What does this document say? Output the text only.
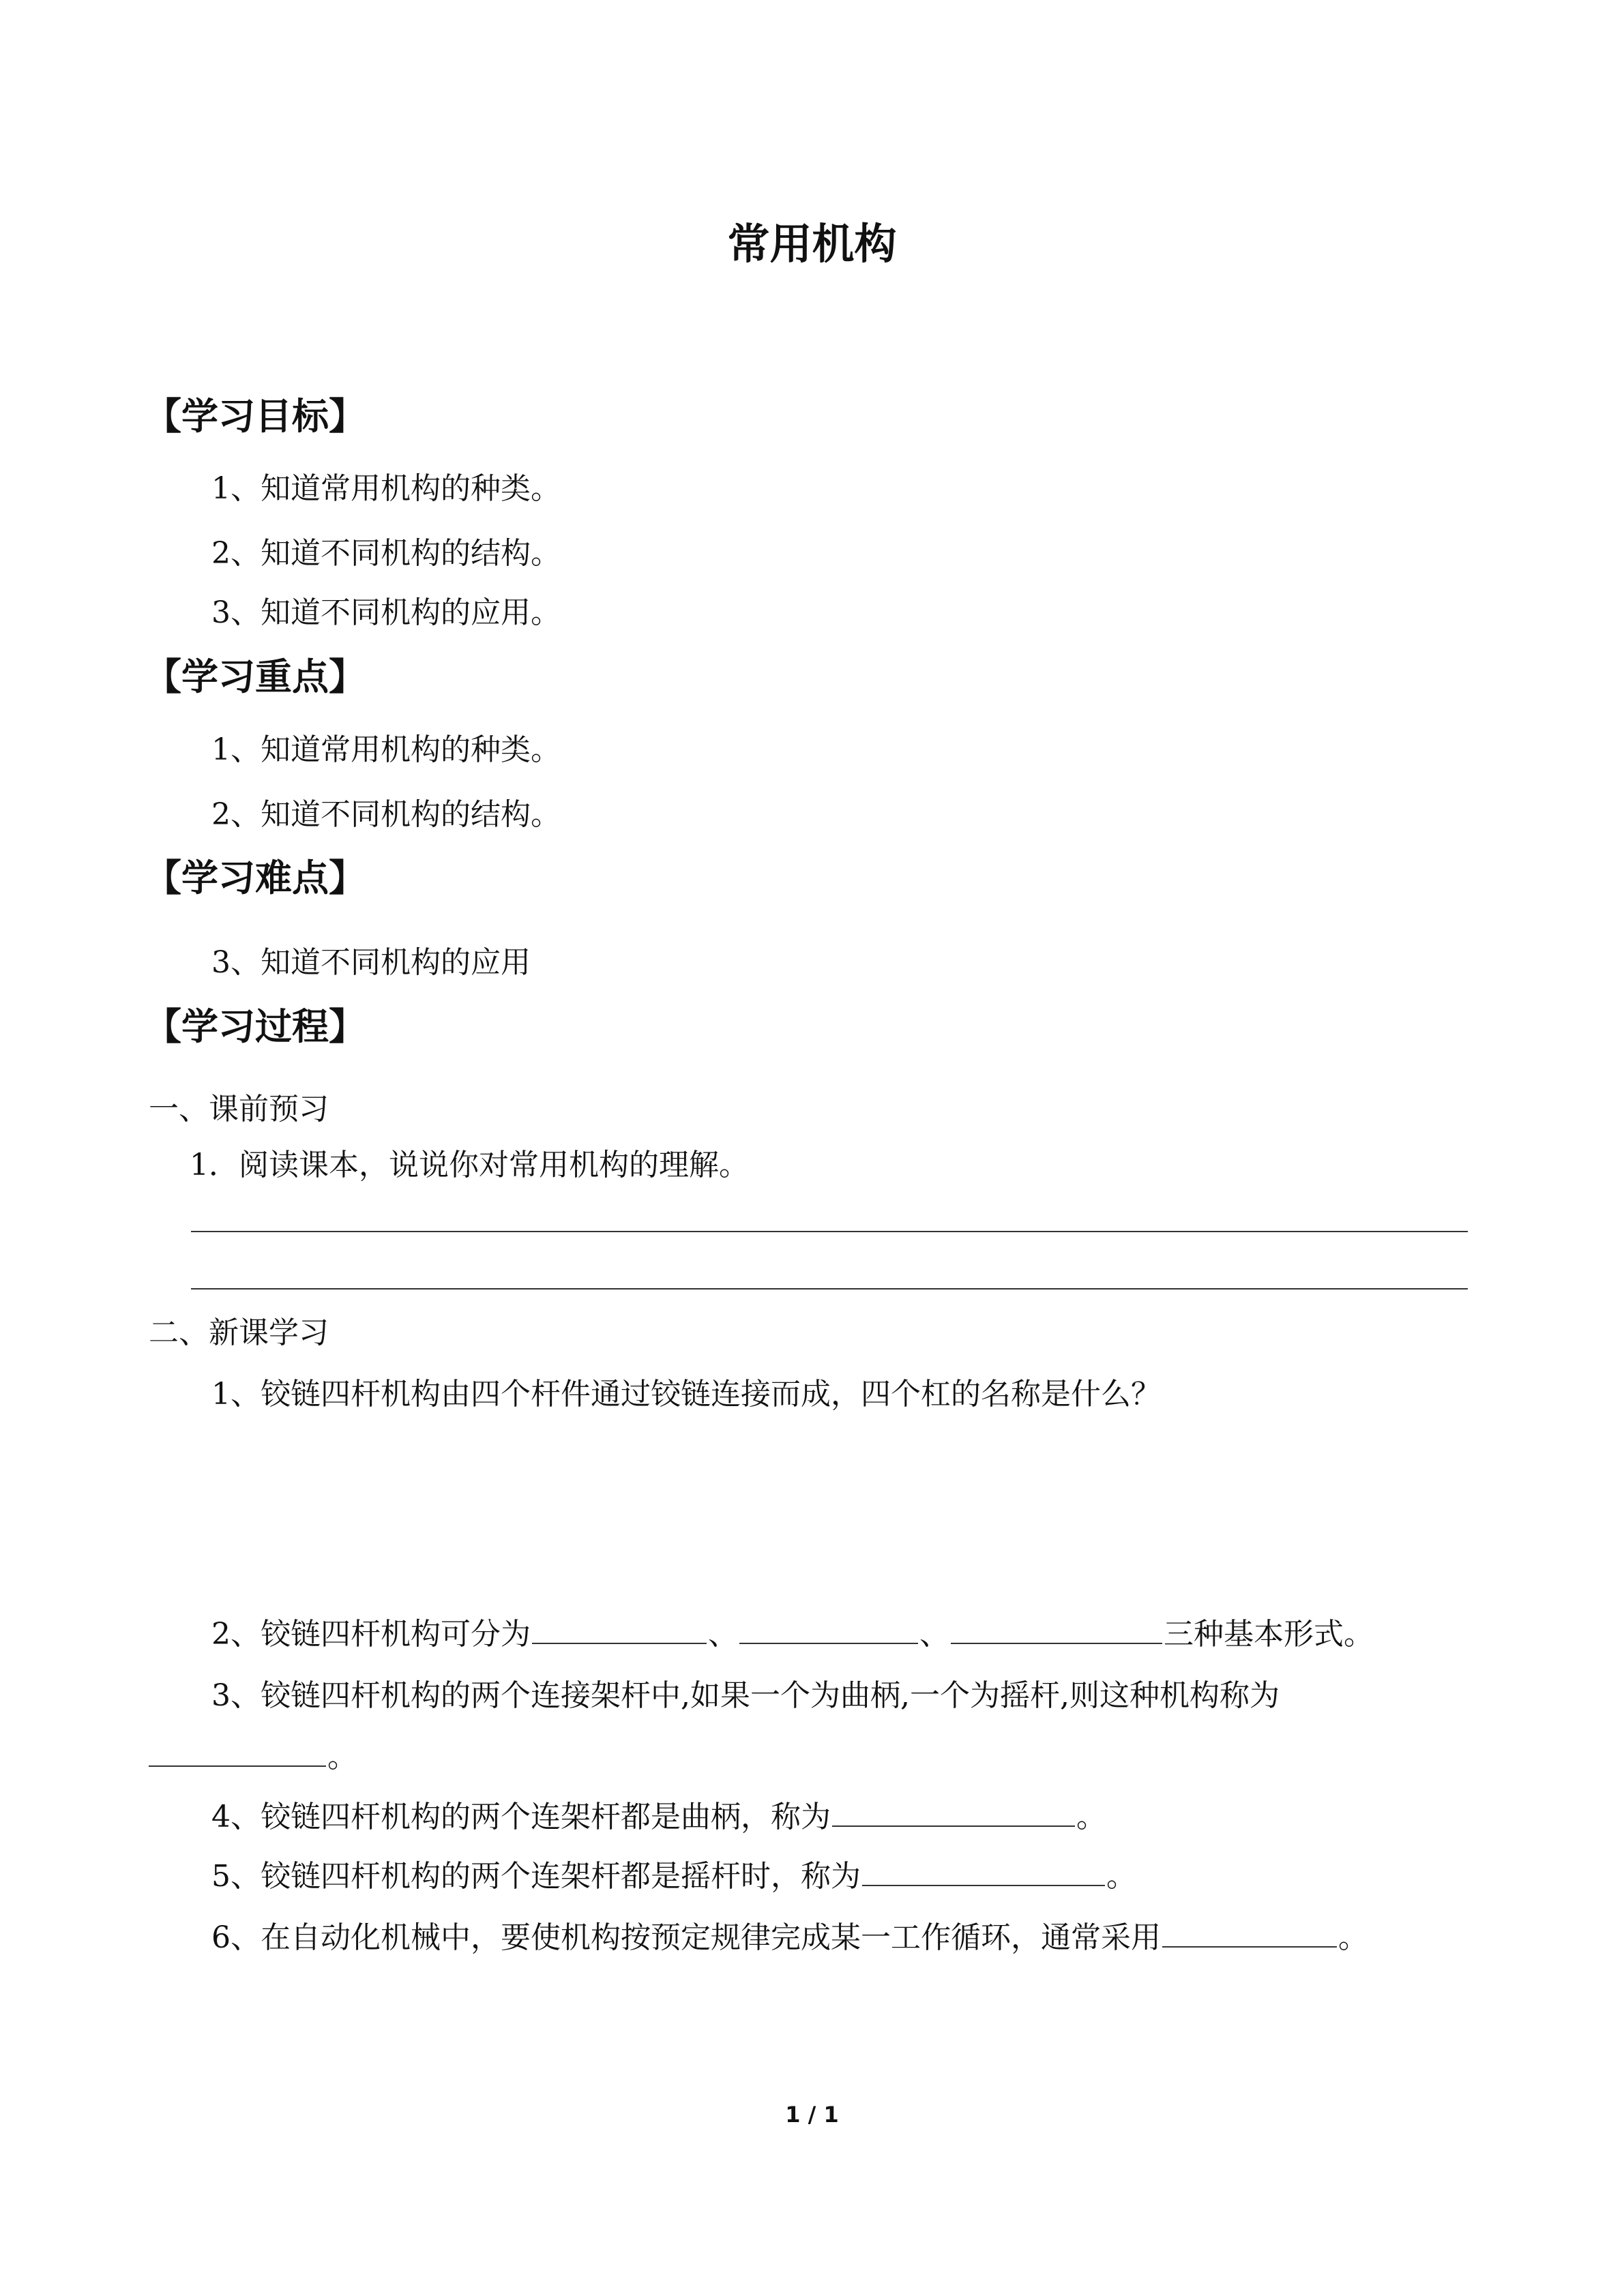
常用机构
【学习目标】
1、知道常用机构的种类。
2、知道不同机构的结构。
3、知道不同机构的应用。
【学习重点】
1、知道常用机构的种类。
2、知道不同机构的结构。
【学习难点】
3、知道不同机构的应用
【学习过程】
一、课前预习
1．阅读课本，说说你对常用机构的理解。
二、新课学习
1、铰链四杆机构由四个杆件通过铰链连接而成，四个杠的名称是什么？
2、铰链四杆机构可分为	、	、	三种基本形式。
3、铰链四杆机构的两个连接架杆中,如果一个为曲柄,一个为摇杆,则这种机构称为
。
4、铰链四杆机构的两个连架杆都是曲柄，称为	。
5、铰链四杆机构的两个连架杆都是摇杆时，称为	。
6、在自动化机械中，要使机构按预定规律完成某一工作循环，通常采用	。
1 / 1
